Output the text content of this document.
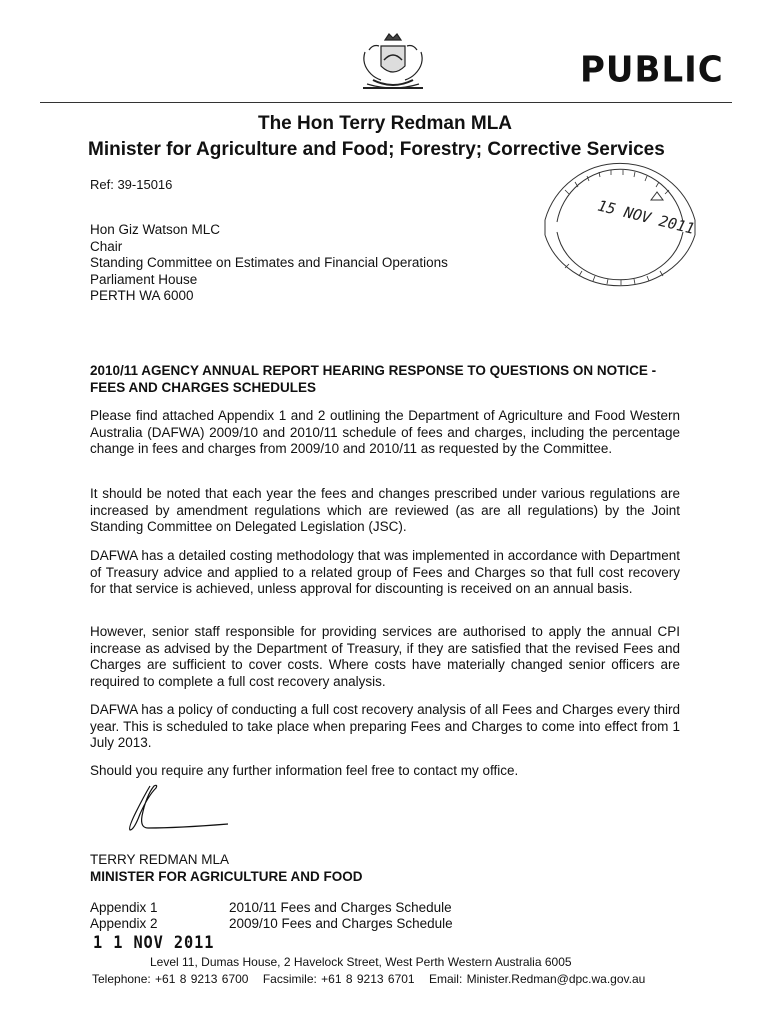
PUBLIC
The Hon Terry Redman MLA
Minister for Agriculture and Food; Forestry; Corrective Services
Ref: 39-15016
Hon Giz Watson MLC
Chair
Standing Committee on Estimates and Financial Operations
Parliament House
PERTH WA 6000
15 NOV 2011
2010/11 AGENCY ANNUAL REPORT HEARING RESPONSE TO QUESTIONS ON NOTICE - FEES AND CHARGES SCHEDULES
Please find attached Appendix 1 and 2 outlining the Department of Agriculture and Food Western Australia (DAFWA) 2009/10 and 2010/11 schedule of fees and charges, including the percentage change in fees and charges from 2009/10 and 2010/11 as requested by the Committee.
It should be noted that each year the fees and changes prescribed under various regulations are increased by amendment regulations which are reviewed (as are all regulations) by the Joint Standing Committee on Delegated Legislation (JSC).
DAFWA has a detailed costing methodology that was implemented in accordance with Department of Treasury advice and applied to a related group of Fees and Charges so that full cost recovery for that service is achieved, unless approval for discounting is received on an annual basis.
However, senior staff responsible for providing services are authorised to apply the annual CPI increase as advised by the Department of Treasury, if they are satisfied that the revised Fees and Charges are sufficient to cover costs. Where costs have materially changed senior officers are required to complete a full cost recovery analysis.
DAFWA has a policy of conducting a full cost recovery analysis of all Fees and Charges every third year. This is scheduled to take place when preparing Fees and Charges to come into effect from 1 July 2013.
Should you require any further information feel free to contact my office.
TERRY REDMAN MLA
MINISTER FOR AGRICULTURE AND FOOD
Appendix 1	2010/11 Fees and Charges Schedule
Appendix 2	2009/10 Fees and Charges Schedule
1 1 NOV 2011
Level 11, Dumas House, 2 Havelock Street, West Perth Western Australia 6005
Telephone: +61 8 9213 6700 Facsimile: +61 8 9213 6701 Email: Minister.Redman@dpc.wa.gov.au
